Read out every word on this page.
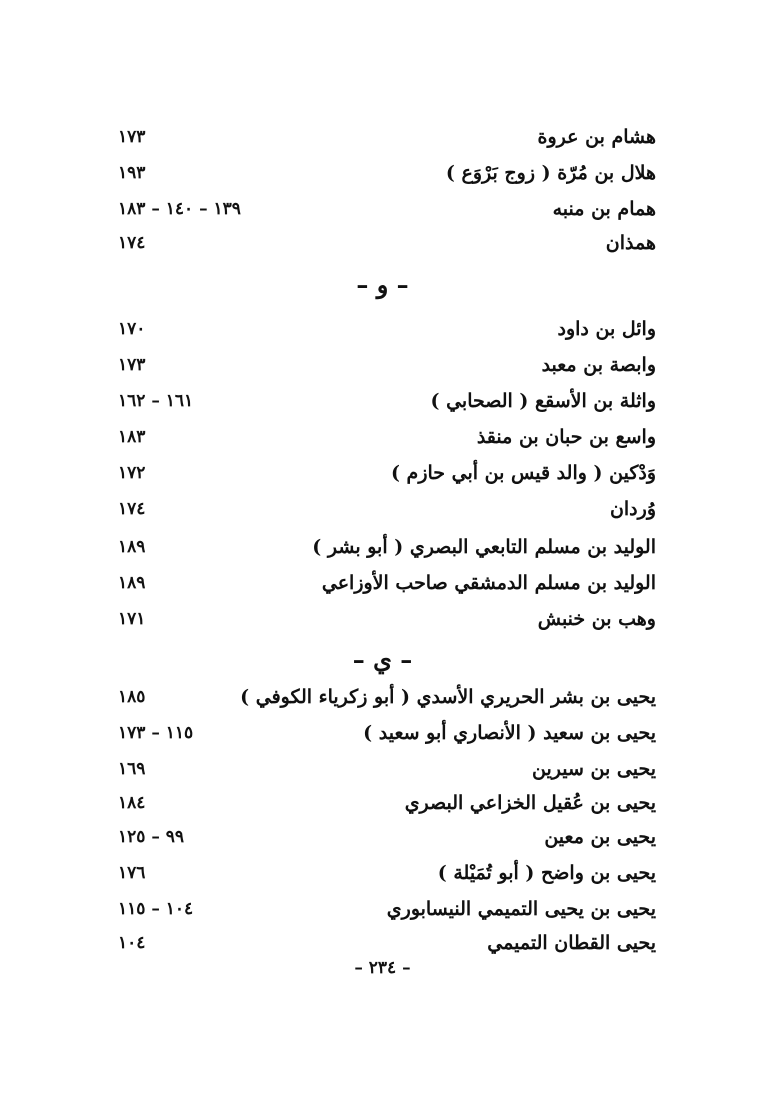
هشام بن عروة
١٧٣
هلال بن مُرّة ( زوج بَرْوَع )
١٩٣
همام بن منبه
١٣٩ – ١٤٠ – ١٨٣
همذان
١٧٤
– و –
وائل بن داود
١٧٠
وابصة بن معبد
١٧٣
واثلة بن الأسقع ( الصحابي )
١٦١ – ١٦٢
واسع بن حبان بن منقذ
١٨٣
وَدْكين ( والد قيس بن أبي حازم )
١٧٢
وُردان
١٧٤
الوليد بن مسلم التابعي البصري ( أبو بشر )
١٨٩
الوليد بن مسلم الدمشقي صاحب الأوزاعي
١٨٩
وهب بن خنبش
١٧١
– ي –
يحيى بن بشر الحريري الأسدي ( أبو زكرياء الكوفي )
١٨٥
يحيى بن سعيد ( الأنصاري أبو سعيد )
١١٥ – ١٧٣
يحيى بن سيرين
١٦٩
يحيى بن عُقيل الخزاعي البصري
١٨٤
يحيى بن معين
٩٩ – ١٢٥
يحيى بن واضح ( أبو تُمَيْلة )
١٧٦
يحيى بن يحيى التميمي النيسابوري
١٠٤ – ١١٥
يحيى القطان التميمي
١٠٤
– ٢٣٤ –
